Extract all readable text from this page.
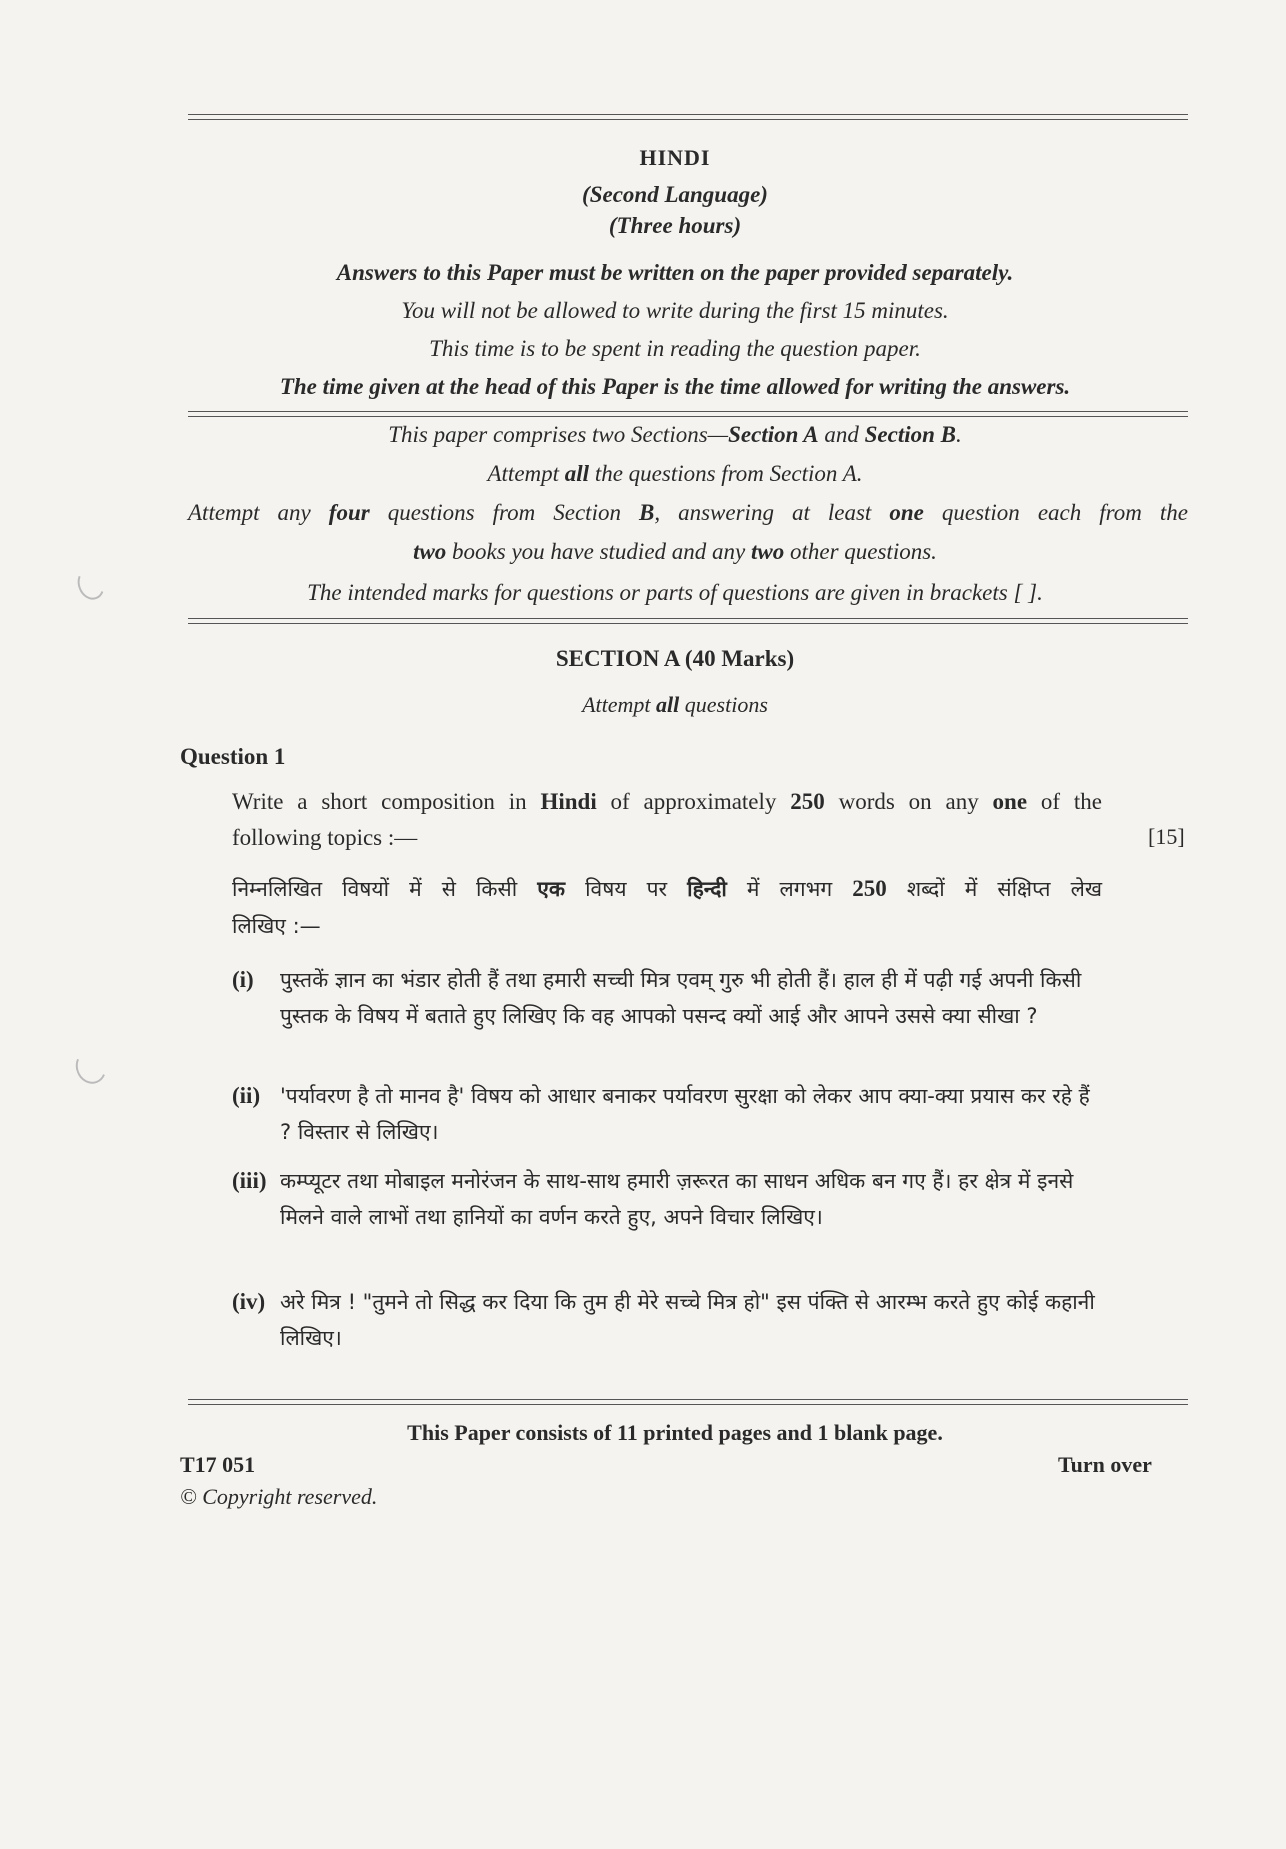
HINDI
(Second Language)
(Three hours)
Answers to this Paper must be written on the paper provided separately.
You will not be allowed to write during the first 15 minutes.
This time is to be spent in reading the question paper.
The time given at the head of this Paper is the time allowed for writing the answers.
This paper comprises two Sections—Section A and Section B.
Attempt all the questions from Section A.
Attempt any four questions from Section B, answering at least one question each from the
two books you have studied and any two other questions.
The intended marks for questions or parts of questions are given in brackets [ ].
SECTION A (40 Marks)
Attempt all questions
Question 1
Write a short composition in Hindi of approximately 250 words on any one of the
following topics :—	[15]
निम्नलिखित विषयों में से किसी एक विषय पर हिन्दी में लगभग 250 शब्दों में संक्षिप्त लेख
लिखिए :—
(i) पुस्तकें ज्ञान का भंडार होती हैं तथा हमारी सच्ची मित्र एवम् गुरु भी होती हैं। हाल ही में पढ़ी गई अपनी किसी पुस्तक के विषय में बताते हुए लिखिए कि वह आपको पसन्द क्यों आई और आपने उससे क्या सीखा ?
(ii) 'पर्यावरण है तो मानव है' विषय को आधार बनाकर पर्यावरण सुरक्षा को लेकर आप क्या-क्या प्रयास कर रहे हैं ? विस्तार से लिखिए।
(iii) कम्प्यूटर तथा मोबाइल मनोरंजन के साथ-साथ हमारी ज़रूरत का साधन अधिक बन गए हैं। हर क्षेत्र में इनसे मिलने वाले लाभों तथा हानियों का वर्णन करते हुए, अपने विचार लिखिए।
(iv) अरे मित्र ! "तुमने तो सिद्ध कर दिया कि तुम ही मेरे सच्चे मित्र हो" इस पंक्ति से आरम्भ करते हुए कोई कहानी लिखिए।
This Paper consists of 11 printed pages and 1 blank page.
T17 051	Turn over
© Copyright reserved.
